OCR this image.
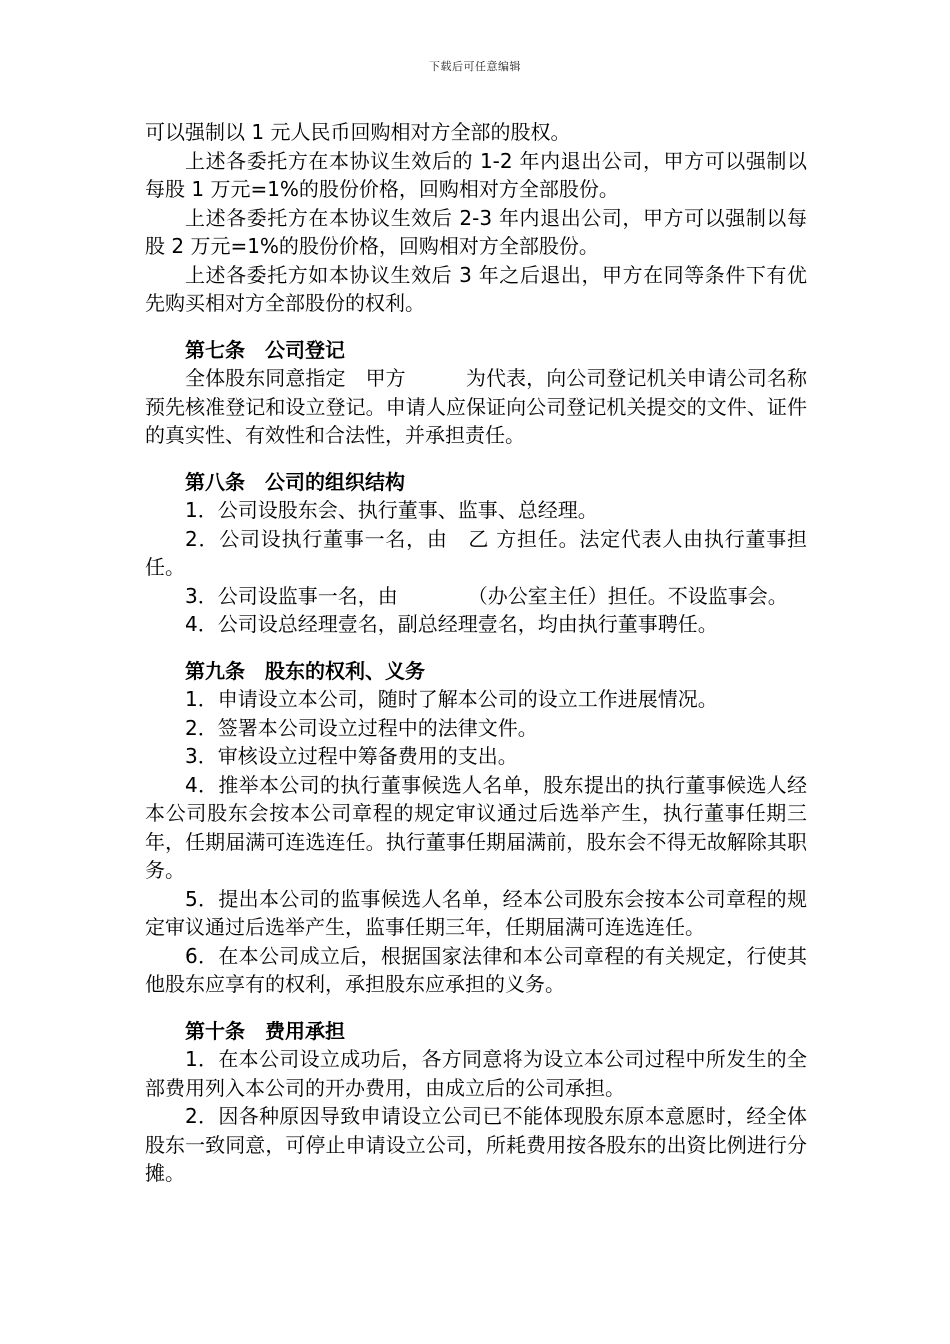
下载后可任意编辑

可以强制以 1 元人民币回购相对方全部的股权。

上述各委托方在本协议生效后的 1-2 年内退出公司，甲方可以强制以每股 1 万元=1%的股份价格，回购相对方全部股份。

上述各委托方在本协议生效后 2-3 年内退出公司，甲方可以强制以每股 2 万元=1%的股份价格，回购相对方全部股份。

上述各委托方如本协议生效后 3 年之后退出，甲方在同等条件下有优先购买相对方全部股份的权利。

第七条　公司登记

全体股东同意指定　甲方　　　为代表，向公司登记机关申请公司名称预先核准登记和设立登记。申请人应保证向公司登记机关提交的文件、证件的真实性、有效性和合法性，并承担责任。

第八条　公司的组织结构

1．公司设股东会、执行董事、监事、总经理。

2．公司设执行董事一名，由　乙 方担任。法定代表人由执行董事担任。

3．公司设监事一名，由　　　　（办公室主任）担任。不设监事会。

4．公司设总经理壹名，副总经理壹名，均由执行董事聘任。

第九条　股东的权利、义务

1．申请设立本公司，随时了解本公司的设立工作进展情况。

2．签署本公司设立过程中的法律文件。

3．审核设立过程中筹备费用的支出。

4．推举本公司的执行董事候选人名单，股东提出的执行董事候选人经本公司股东会按本公司章程的规定审议通过后选举产生，执行董事任期三年，任期届满可连选连任。执行董事任期届满前，股东会不得无故解除其职务。

5．提出本公司的监事候选人名单，经本公司股东会按本公司章程的规定审议通过后选举产生，监事任期三年，任期届满可连选连任。

6．在本公司成立后，根据国家法律和本公司章程的有关规定，行使其他股东应享有的权利，承担股东应承担的义务。

第十条　费用承担

1．在本公司设立成功后，各方同意将为设立本公司过程中所发生的全部费用列入本公司的开办费用，由成立后的公司承担。

2．因各种原因导致申请设立公司已不能体现股东原本意愿时，经全体股东一致同意，可停止申请设立公司，所耗费用按各股东的出资比例进行分摊。
